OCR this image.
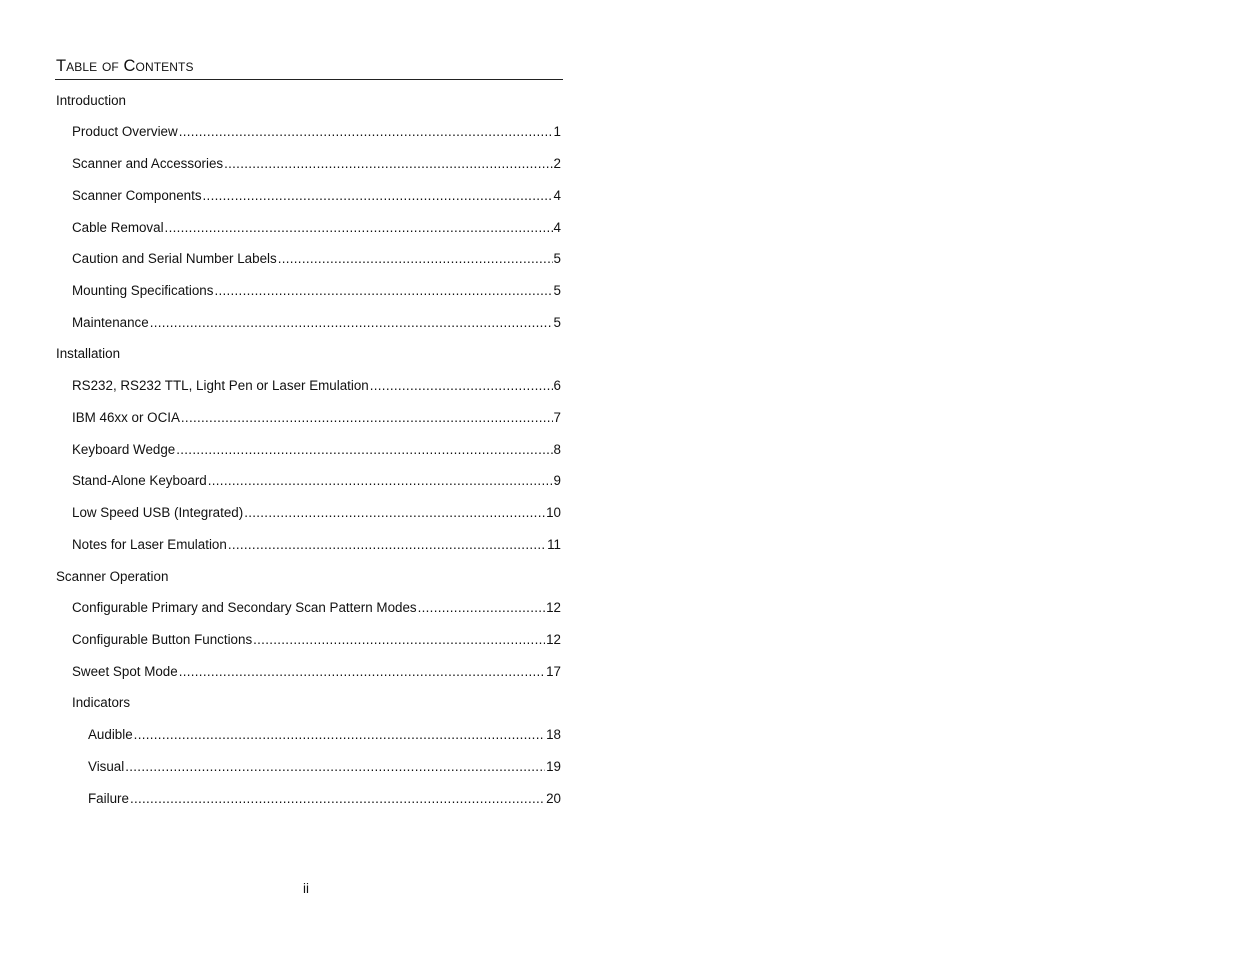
Table of Contents
Introduction
Product Overview .....	1
Scanner and Accessories .....	2
Scanner Components .....	4
Cable Removal .....	4
Caution and Serial Number Labels .....	5
Mounting Specifications .....	5
Maintenance .....	5
Installation
RS232, RS232 TTL, Light Pen or Laser Emulation .....	6
IBM 46xx or OCIA .....	7
Keyboard Wedge .....	8
Stand-Alone Keyboard .....	9
Low Speed USB (Integrated) .....	10
Notes for Laser Emulation .....	11
Scanner Operation
Configurable Primary and Secondary Scan Pattern Modes .....	12
Configurable Button Functions .....	12
Sweet Spot Mode .....	17
Indicators
Audible .....	18
Visual .....	19
Failure .....	20
ii
